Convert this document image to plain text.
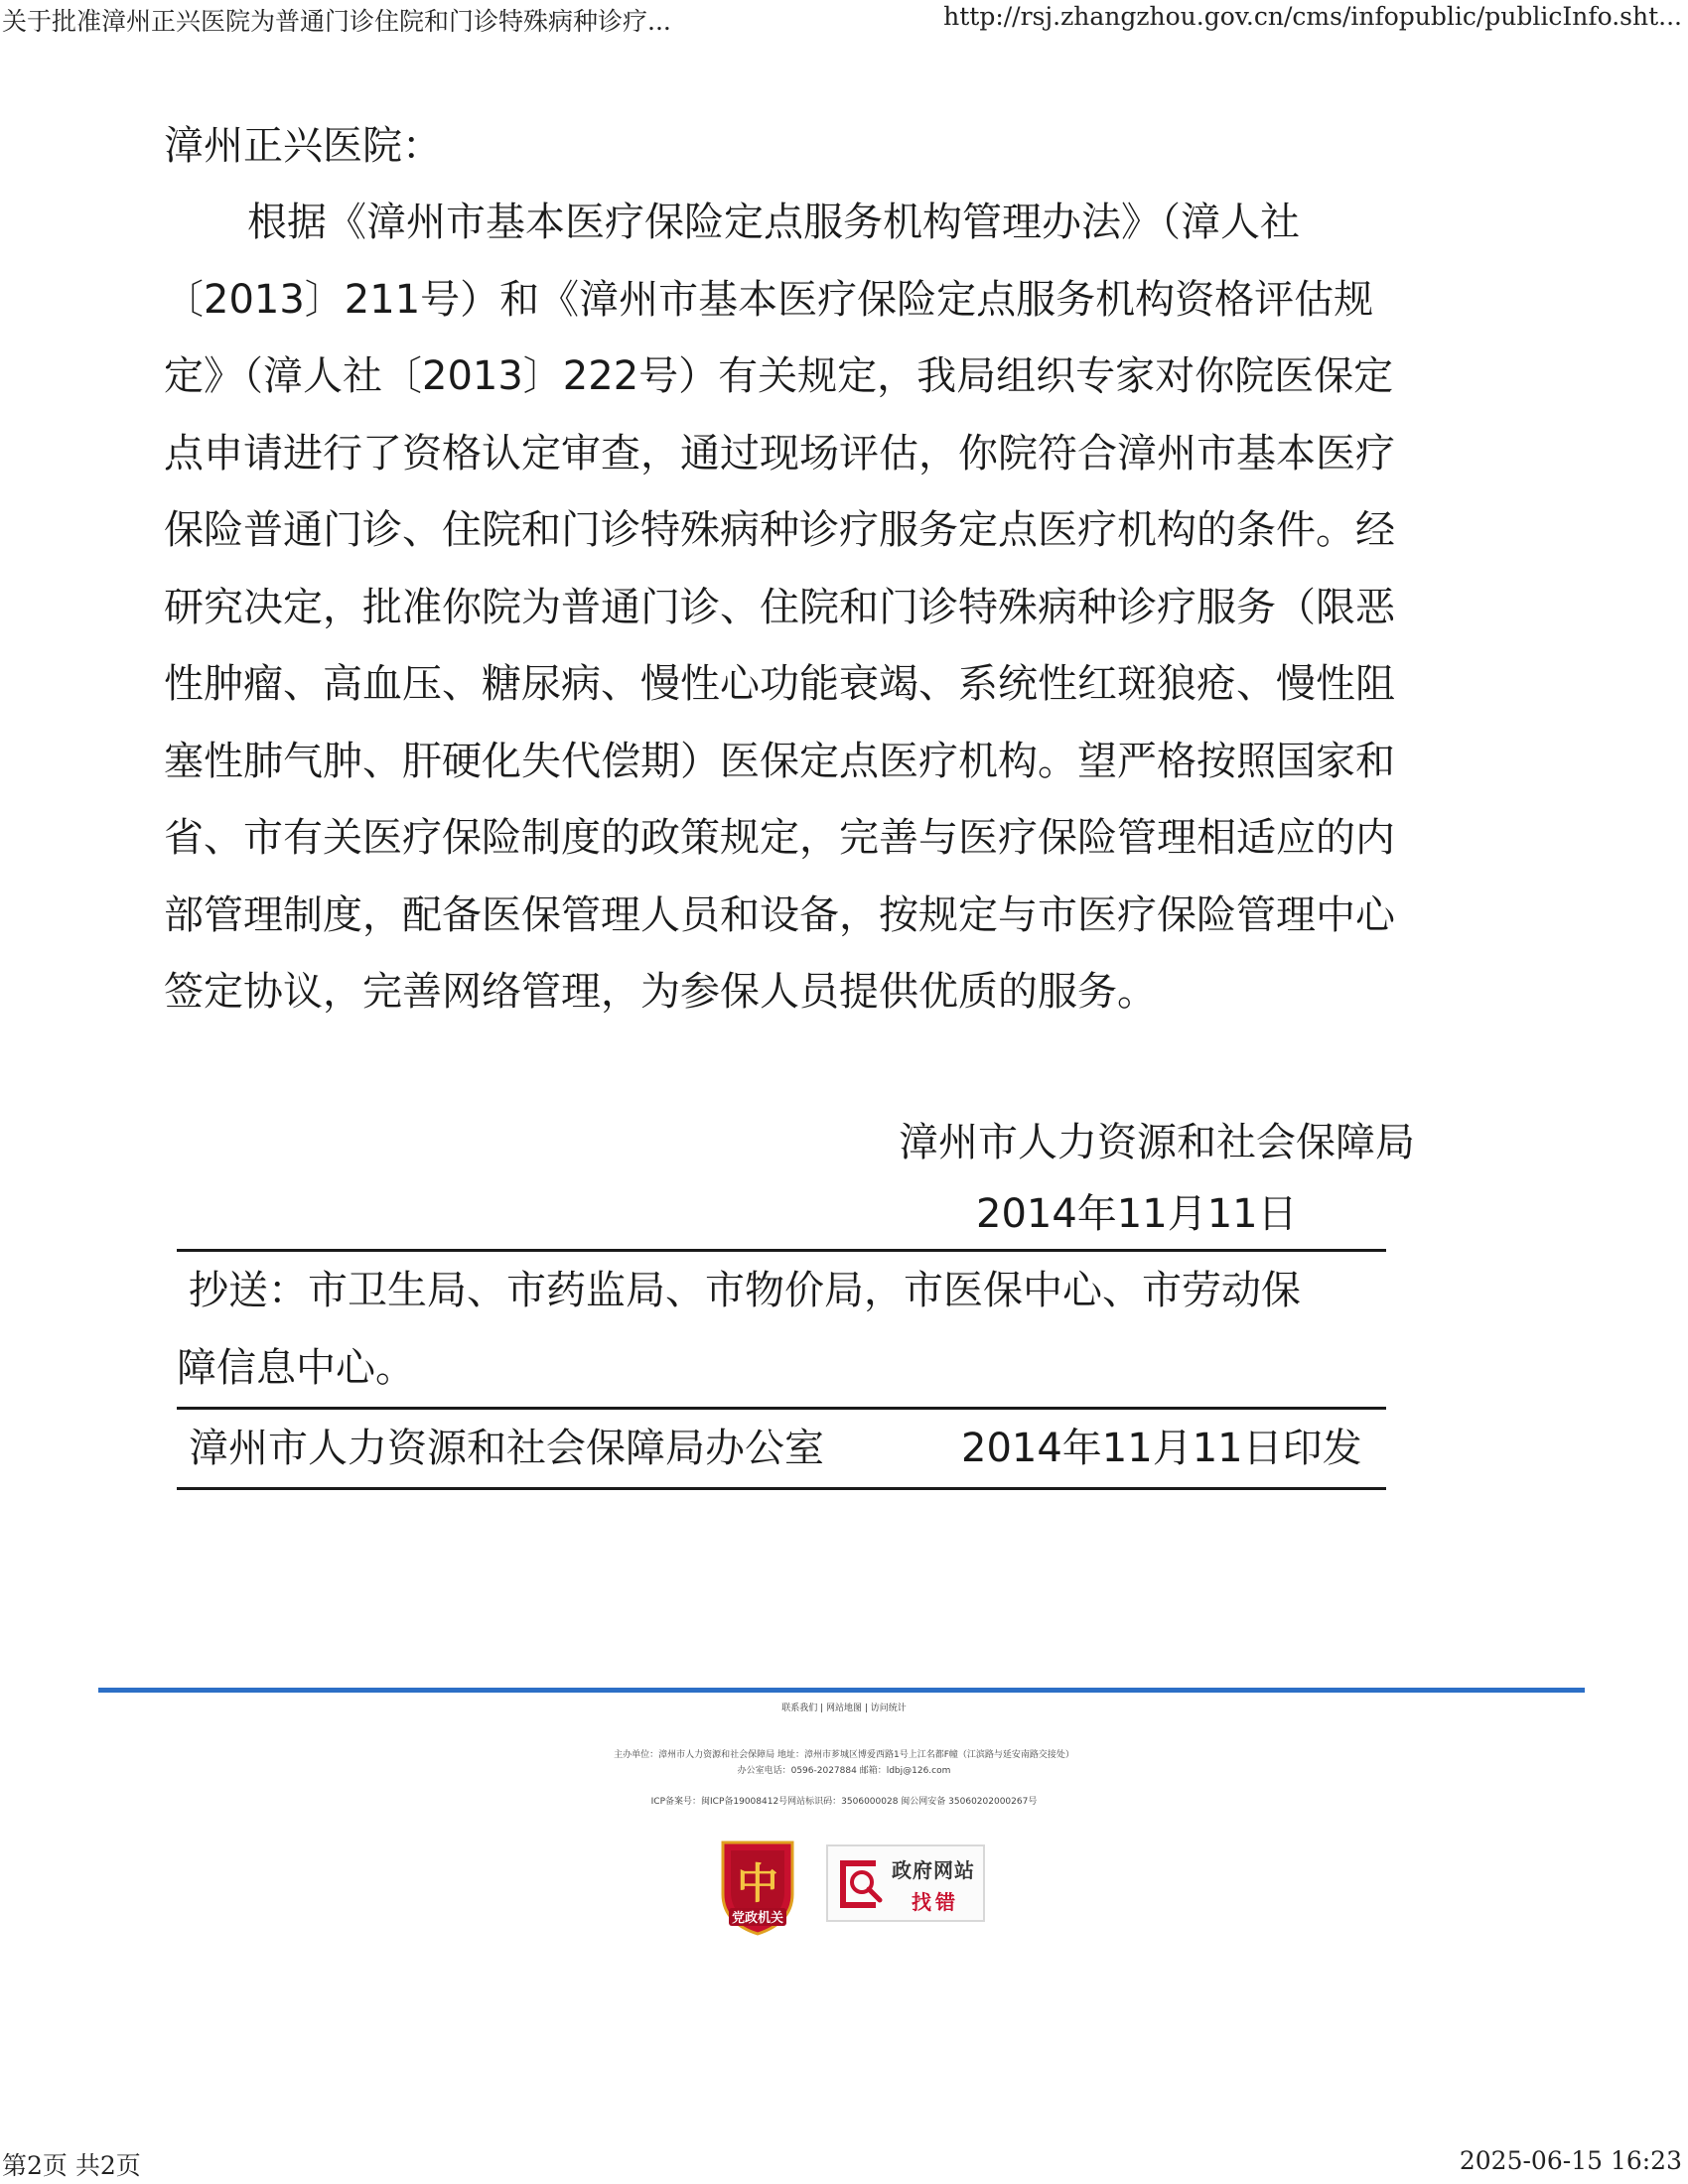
关于批准漳州正兴医院为普通门诊住院和门诊特殊病种诊疗...	http://rsj.zhangzhou.gov.cn/cms/infopublic/publicInfo.sht...
漳州正兴医院：
根据《漳州市基本医疗保险定点服务机构管理办法》（漳人社
〔2013〕211号）和《漳州市基本医疗保险定点服务机构资格评估规
定》（漳人社〔2013〕222号）有关规定，我局组织专家对你院医保定
点申请进行了资格认定审查，通过现场评估，你院符合漳州市基本医疗
保险普通门诊、住院和门诊特殊病种诊疗服务定点医疗机构的条件。经
研究决定，批准你院为普通门诊、住院和门诊特殊病种诊疗服务（限恶
性肿瘤、高血压、糖尿病、慢性心功能衰竭、系统性红斑狼疮、慢性阻
塞性肺气肿、肝硬化失代偿期）医保定点医疗机构。望严格按照国家和
省、市有关医疗保险制度的政策规定，完善与医疗保险管理相适应的内
部管理制度，配备医保管理人员和设备，按规定与市医疗保险管理中心
签定协议，完善网络管理，为参保人员提供优质的服务。
漳州市人力资源和社会保障局
2014年11月11日
抄送：市卫生局、市药监局、市物价局，市医保中心、市劳动保
障信息中心。
漳州市人力资源和社会保障局办公室	2014年11月11日印发
联系我们 | 网站地图 | 访问统计
主办单位：漳州市人力资源和社会保障局 地址：漳州市芗城区博爱西路1号上江名都F幢（江滨路与延安南路交接处）
办公室电话：0596-2027884 邮箱：ldbj@126.com
ICP备案号：闽ICP备19008412号网站标识码：3506000028 闽公网安备 35060202000267号
中
党政机关
政府网站
找错
第2页 共2页	2025-06-15 16:23
